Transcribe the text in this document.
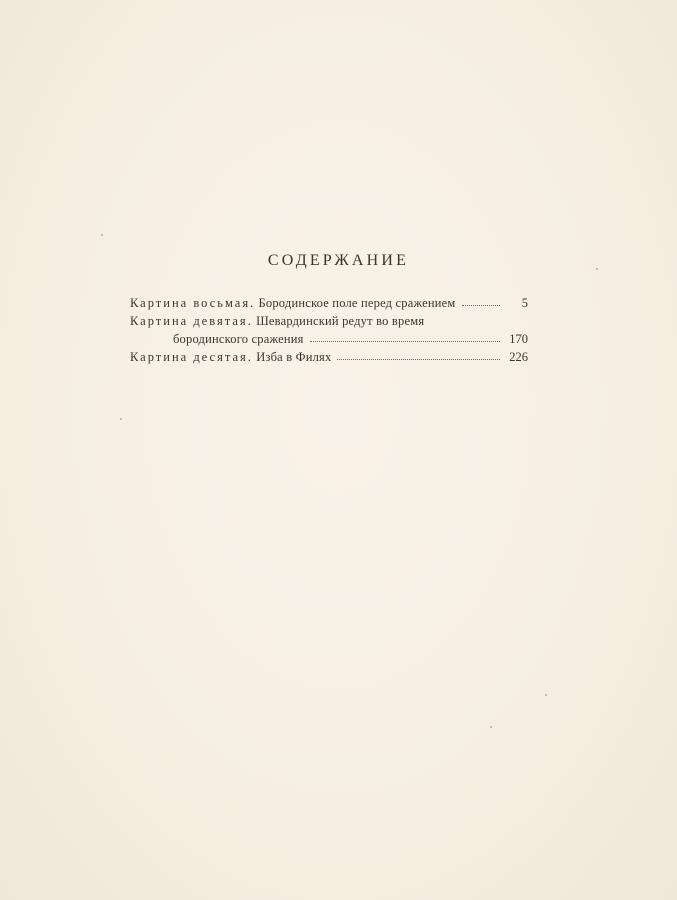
СОДЕРЖАНИЕ
Картина восьмая. Бородинское поле перед сражением	5
Картина девятая. Шевардинский редут во время
бородинского сражения	170
Картина десятая. Изба в Филях	226
